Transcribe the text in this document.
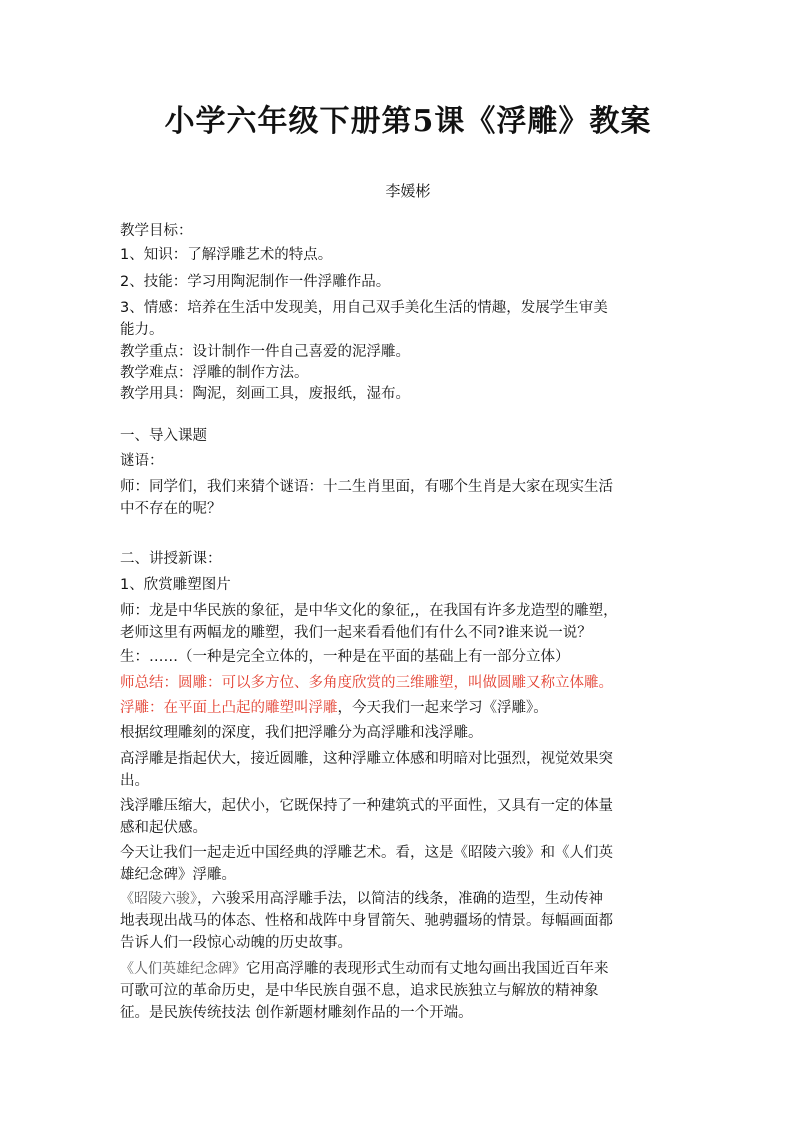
小学六年级下册第5课《浮雕》教案
李媛彬
教学目标：
1、知识：了解浮雕艺术的特点。
2、技能：学习用陶泥制作一件浮雕作品。
3、情感：培养在生活中发现美，用自己双手美化生活的情趣，发展学生审美
能力。
教学重点：设计制作一件自己喜爱的泥浮雕。
教学难点：浮雕的制作方法。
教学用具：陶泥，刻画工具，废报纸，湿布。
一、导入课题
谜语：
师：同学们，我们来猜个谜语：十二生肖里面，有哪个生肖是大家在现实生活
中不存在的呢？
二、讲授新课：
1、欣赏雕塑图片
师：龙是中华民族的象征，是中华文化的象征,，在我国有许多龙造型的雕塑，
老师这里有两幅龙的雕塑，我们一起来看看他们有什么不同?谁来说一说？
生：……（一种是完全立体的，一种是在平面的基础上有一部分立体）
师总结：圆雕：可以多方位、多角度欣赏的三维雕塑，叫做圆雕又称立体雕。
浮雕：在平面上凸起的雕塑叫浮雕，今天我们一起来学习《浮雕》。
根据纹理雕刻的深度，我们把浮雕分为高浮雕和浅浮雕。
高浮雕是指起伏大，接近圆雕，这种浮雕立体感和明暗对比强烈，视觉效果突
出。
浅浮雕压缩大，起伏小，它既保持了一种建筑式的平面性，又具有一定的体量
感和起伏感。
今天让我们一起走近中国经典的浮雕艺术。看，这是《昭陵六骏》和《人们英
雄纪念碑》浮雕。
《昭陵六骏》，六骏采用高浮雕手法，以简洁的线条，准确的造型，生动传神
地表现出战马的体态、性格和战阵中身冒箭矢、驰骋疆场的情景。每幅画面都
告诉人们一段惊心动魄的历史故事。
《人们英雄纪念碑》它用高浮雕的表现形式生动而有丈地勾画出我国近百年来
可歌可泣的革命历史，是中华民族自强不息，追求民族独立与解放的精神象
征。是民族传统技法 创作新题材雕刻作品的一个开端。
